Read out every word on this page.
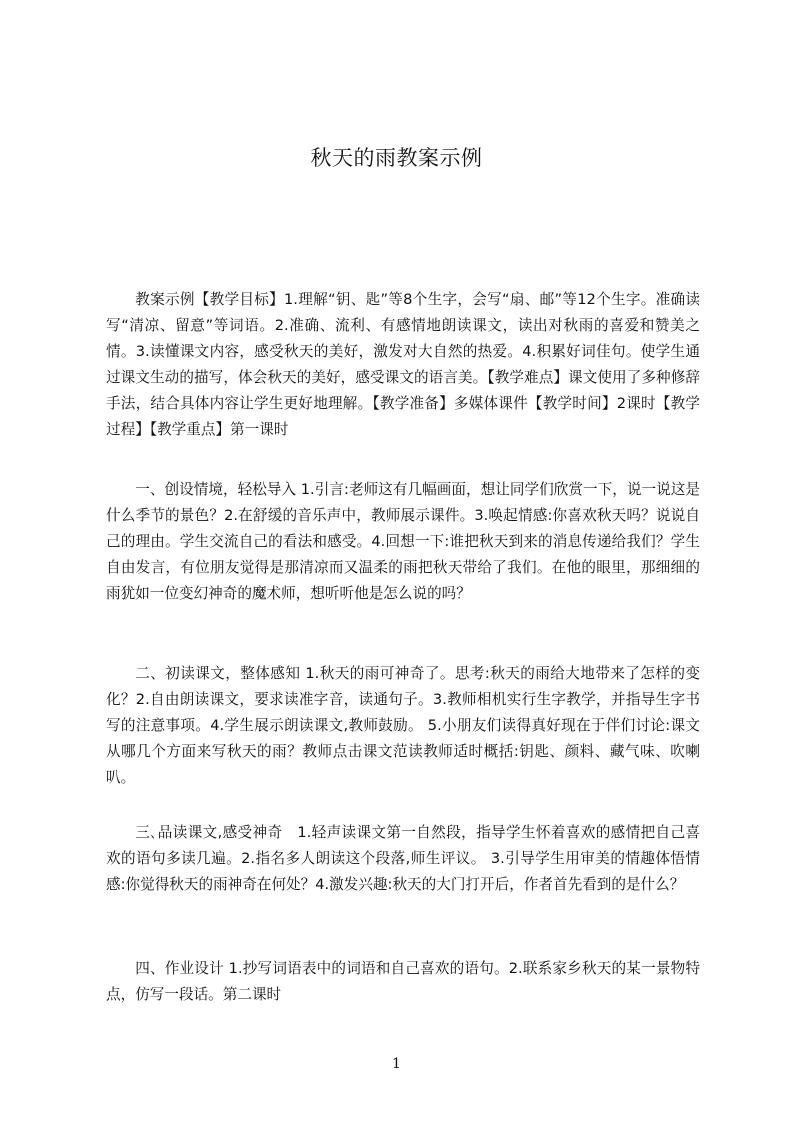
秋天的雨教案示例

教案示例【教学目标】1.理解“钥、匙”等8个生字，会写“扇、邮”等12个生字。准确读写“清凉、留意”等词语。2.准确、流利、有感情地朗读课文，读出对秋雨的喜爱和赞美之情。3.读懂课文内容，感受秋天的美好，激发对大自然的热爱。4.积累好词佳句。使学生通过课文生动的描写，体会秋天的美好，感受课文的语言美。【教学难点】课文使用了多种修辞手法，结合具体内容让学生更好地理解。【教学准备】多媒体课件【教学时间】2课时【教学过程】【教学重点】第一课时

一、创设情境，轻松导入 1.引言:老师这有几幅画面，想让同学们欣赏一下，说一说这是什么季节的景色？2.在舒缓的音乐声中，教师展示课件。3.唤起情感:你喜欢秋天吗？说说自己的理由。学生交流自己的看法和感受。4.回想一下:谁把秋天到来的消息传递给我们？学生自由发言，有位朋友觉得是那清凉而又温柔的雨把秋天带给了我们。在他的眼里，那细细的雨犹如一位变幻神奇的魔术师，想听听他是怎么说的吗？

二、初读课文，整体感知 1.秋天的雨可神奇了。思考:秋天的雨给大地带来了怎样的变化？2.自由朗读课文，要求读准字音，读通句子。3.教师相机实行生字教学，并指导生字书写的注意事项。4.学生展示朗读课文,教师鼓励。 5.小朋友们读得真好现在于伴们讨论:课文从哪几个方面来写秋天的雨？教师点击课文范读教师适时概括:钥匙、颜料、藏气味、吹喇叭。

三､品读课文,感受神奇　1.轻声读课文第一自然段，指导学生怀着喜欢的感情把自己喜欢的语句多读几遍。2.指名多人朗读这个段落,师生评议。 3.引导学生用审美的情趣体悟情感:你觉得秋天的雨神奇在何处？4.激发兴趣:秋天的大门打开后，作者首先看到的是什么？

四、作业设计 1.抄写词语表中的词语和自己喜欢的语句。2.联系家乡秋天的某一景物特点，仿写一段话。第二课时

1
